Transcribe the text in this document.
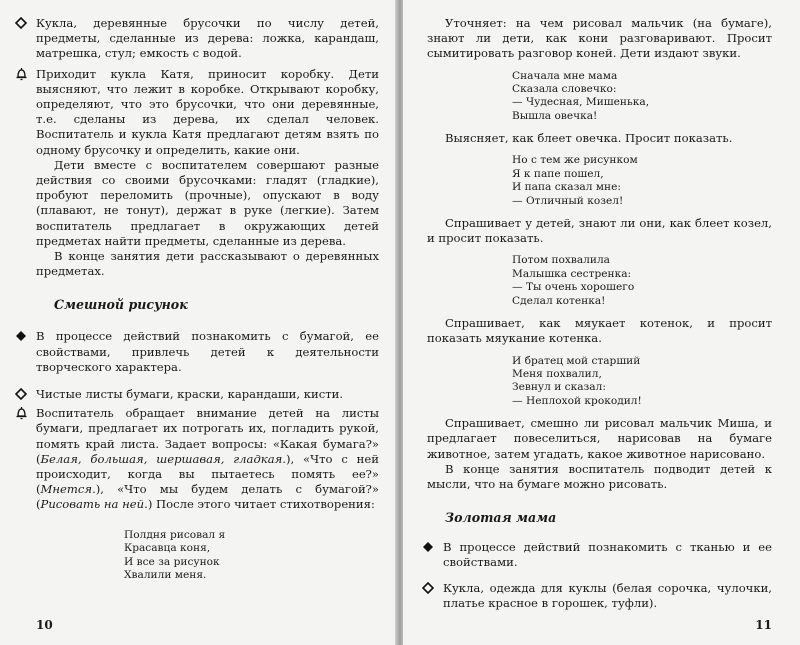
Кукла, деревянные брусочки по числу детей, предметы, сделанные из дерева: ложка, карандаш, матрешка, стул; емкость с водой.

Приходит кукла Катя, приносит коробку. Дети выясняют, что лежит в коробке. Открывают коробку, определяют, что это брусочки, что они деревянные, т.е. сделаны из дерева, их сделал человек. Воспитатель и кукла Катя предлагают детям взять по одному брусочку и определить, какие они.

Дети вместе с воспитателем совершают разные действия со своими брусочками: гладят (гладкие), пробуют переломить (прочные), опускают в воду (плавают, не тонут), держат в руке (легкие). Затем воспитатель предлагает в окружающих детей предметах найти предметы, сделанные из дерева.

В конце занятия дети рассказывают о деревянных предметах.

Смешной рисунок

В процессе действий познакомить с бумагой, ее свойствами, привлечь детей к деятельности творческого характера.

Чистые листы бумаги, краски, карандаши, кисти.

Воспитатель обращает внимание детей на листы бумаги, предлагает их потрогать их, погладить рукой, помять край листа. Задает вопросы: «Какая бумага?» (Белая, большая, шершавая, гладкая.), «Что с ней происходит, когда вы пытаетесь помять ее?» (Мнется.), «Что мы будем делать с бумагой?» (Рисовать на ней.) После этого читает стихотворения:

Полдня рисовал я
Красавца коня,
И все за рисунок
Хвалили меня.
10

Уточняет: на чем рисовал мальчик (на бумаге), знают ли дети, как кони разговаривают. Просит сымитировать разговор коней. Дети издают звуки.

Сначала мне мама
Сказала словечко:
— Чудесная, Мишенька,
Вышла овечка!

Выясняет, как блеет овечка. Просит показать.

Но с тем же рисунком
Я к папе пошел,
И папа сказал мне:
— Отличный козел!

Спрашивает у детей, знают ли они, как блеет козел, и просит показать.

Потом похвалила
Малышка сестренка:
— Ты очень хорошего
Сделал котенка!

Спрашивает, как мяукает котенок, и просит показать мяукание котенка.

И братец мой старший
Меня похвалил,
Зевнул и сказал:
— Неплохой крокодил!

Спрашивает, смешно ли рисовал мальчик Миша, и предлагает повеселиться, нарисовав на бумаге животное, затем угадать, какое животное нарисовано.

В конце занятия воспитатель подводит детей к мысли, что на бумаге можно рисовать.

Золотая мама

В процессе действий познакомить с тканью и ее свойствами.

Кукла, одежда для куклы (белая сорочка, чулочки, платье красное в горошек, туфли).

11
